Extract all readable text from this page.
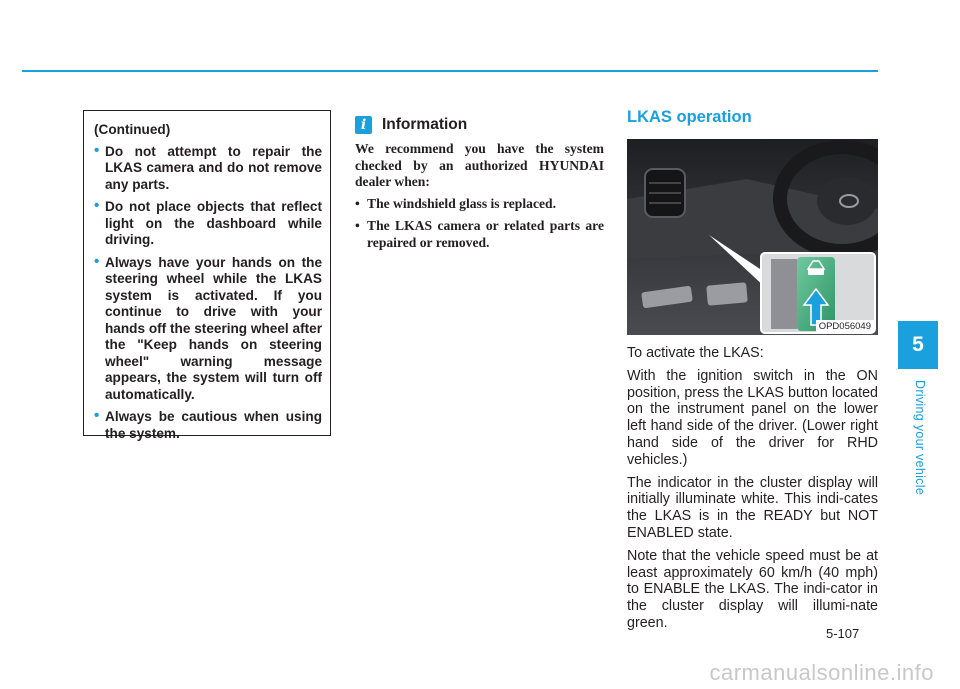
(Continued)

• Do not attempt to repair the LKAS camera and do not remove any parts.
• Do not place objects that reflect light on the dashboard while driving.
• Always have your hands on the steering wheel while the LKAS system is activated. If you continue to drive with your hands off the steering wheel after the "Keep hands on steering wheel" warning message appears, the system will turn off automatically.
• Always be cautious when using the system.
i	Information

We recommend you have the system checked by an authorized HYUNDAI dealer when:

• The windshield glass is replaced.
• The LKAS camera or related parts are repaired or removed.
LKAS operation
OPD056049

To activate the LKAS:

With the ignition switch in the ON position, press the LKAS button located on the instrument panel on the lower left hand side of the driver. (Lower right hand side of the driver for RHD vehicles.)

The indicator in the cluster display will initially illuminate white. This indi-cates the LKAS is in the READY but NOT ENABLED state.

Note that the vehicle speed must be at least approximately 60 km/h (40 mph) to ENABLE the LKAS. The indi-cator in the cluster display will illumi-nate green.

5
Driving your vehicle
5-107
carmanualsonline.info
